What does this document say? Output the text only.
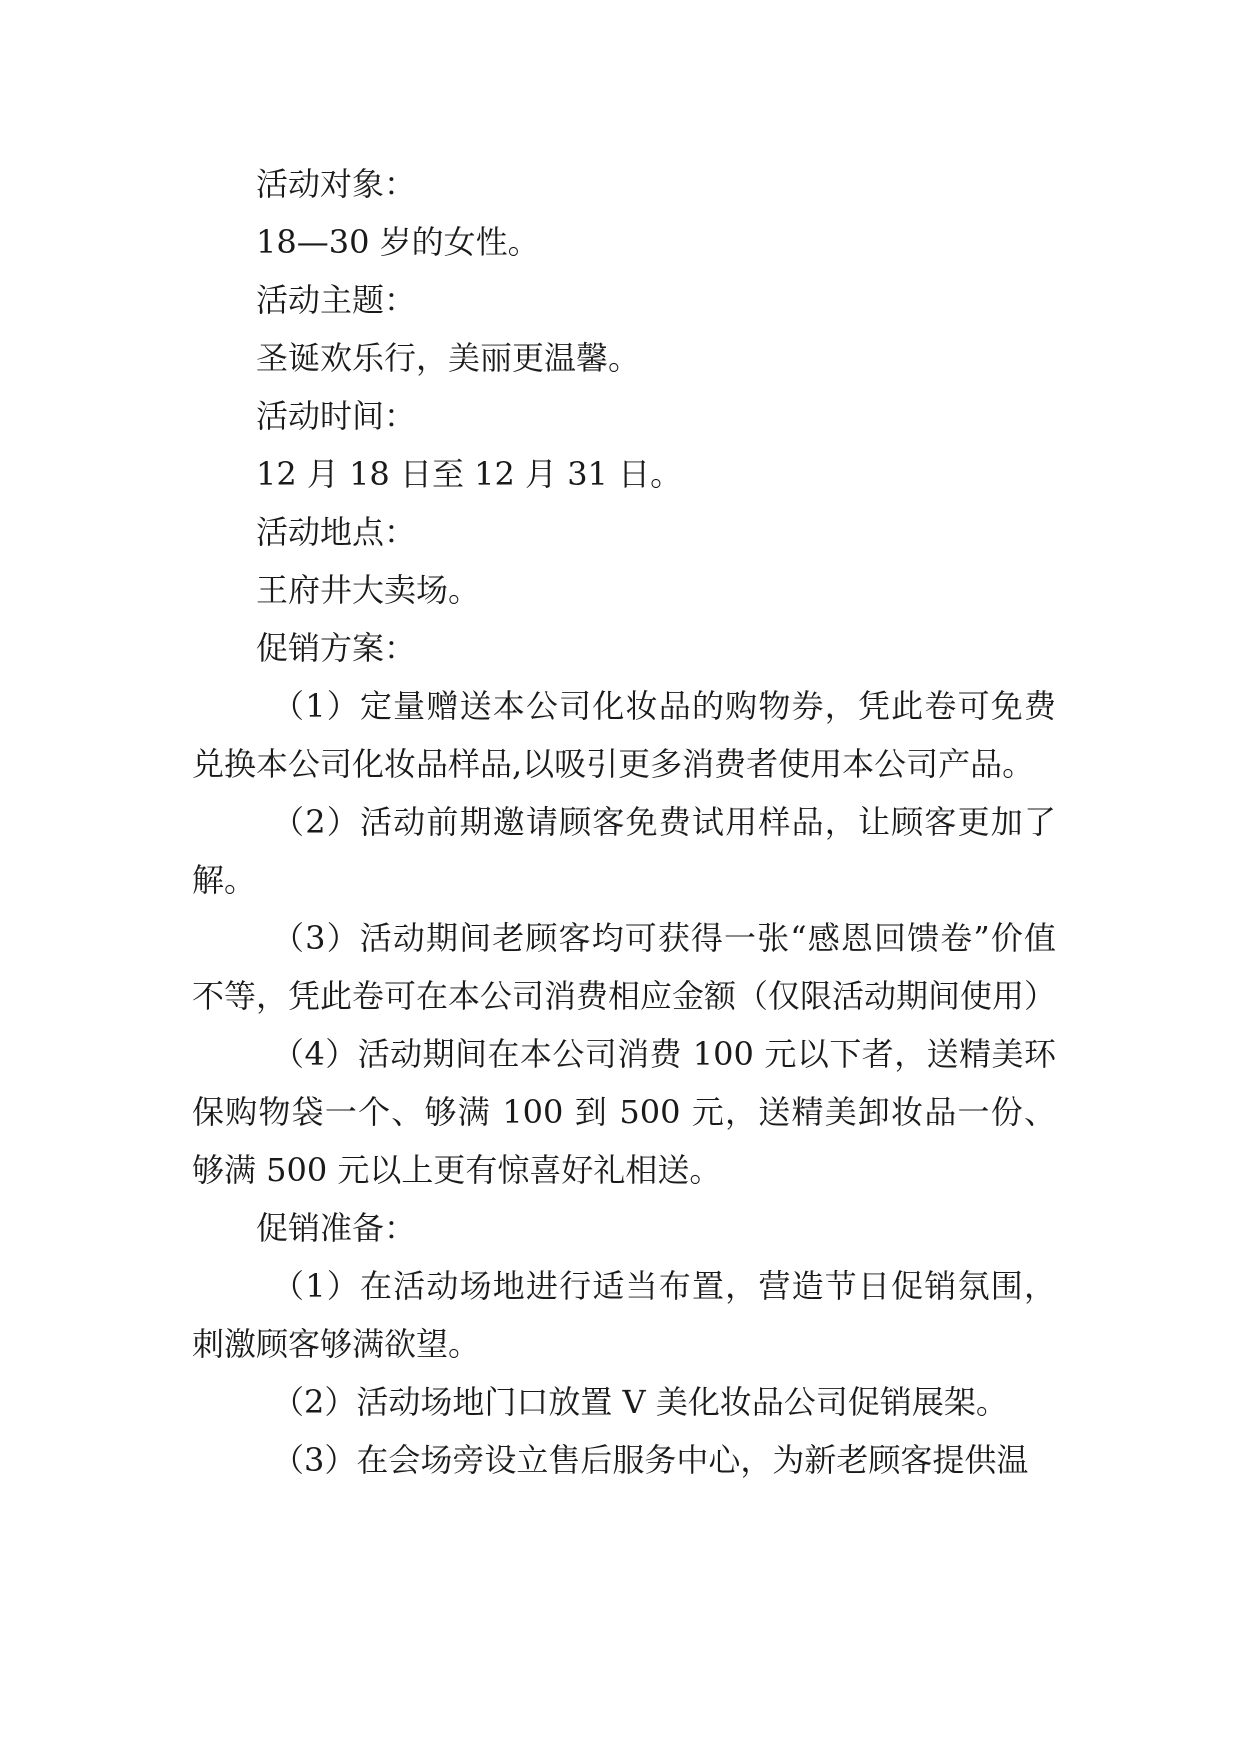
活动对象：

18—30 岁的女性。

活动主题：

圣诞欢乐行，美丽更温馨。

活动时间：

12 月 18 日至 12 月 31 日。

活动地点：

王府井大卖场。

促销方案：

（1）定量赠送本公司化妆品的购物券，凭此卷可免费兑换本公司化妆品样品,以吸引更多消费者使用本公司产品。

（2）活动前期邀请顾客免费试用样品，让顾客更加了解。

（3）活动期间老顾客均可获得一张“感恩回馈卷”价值不等，凭此卷可在本公司消费相应金额（仅限活动期间使用）

（4）活动期间在本公司消费 100 元以下者，送精美环保购物袋一个、够满 100 到 500 元，送精美卸妆品一份、够满 500 元以上更有惊喜好礼相送。

促销准备：

（1）在活动场地进行适当布置，营造节日促销氛围，刺激顾客够满欲望。

（2）活动场地门口放置 V 美化妆品公司促销展架。

（3）在会场旁设立售后服务中心，为新老顾客提供温
